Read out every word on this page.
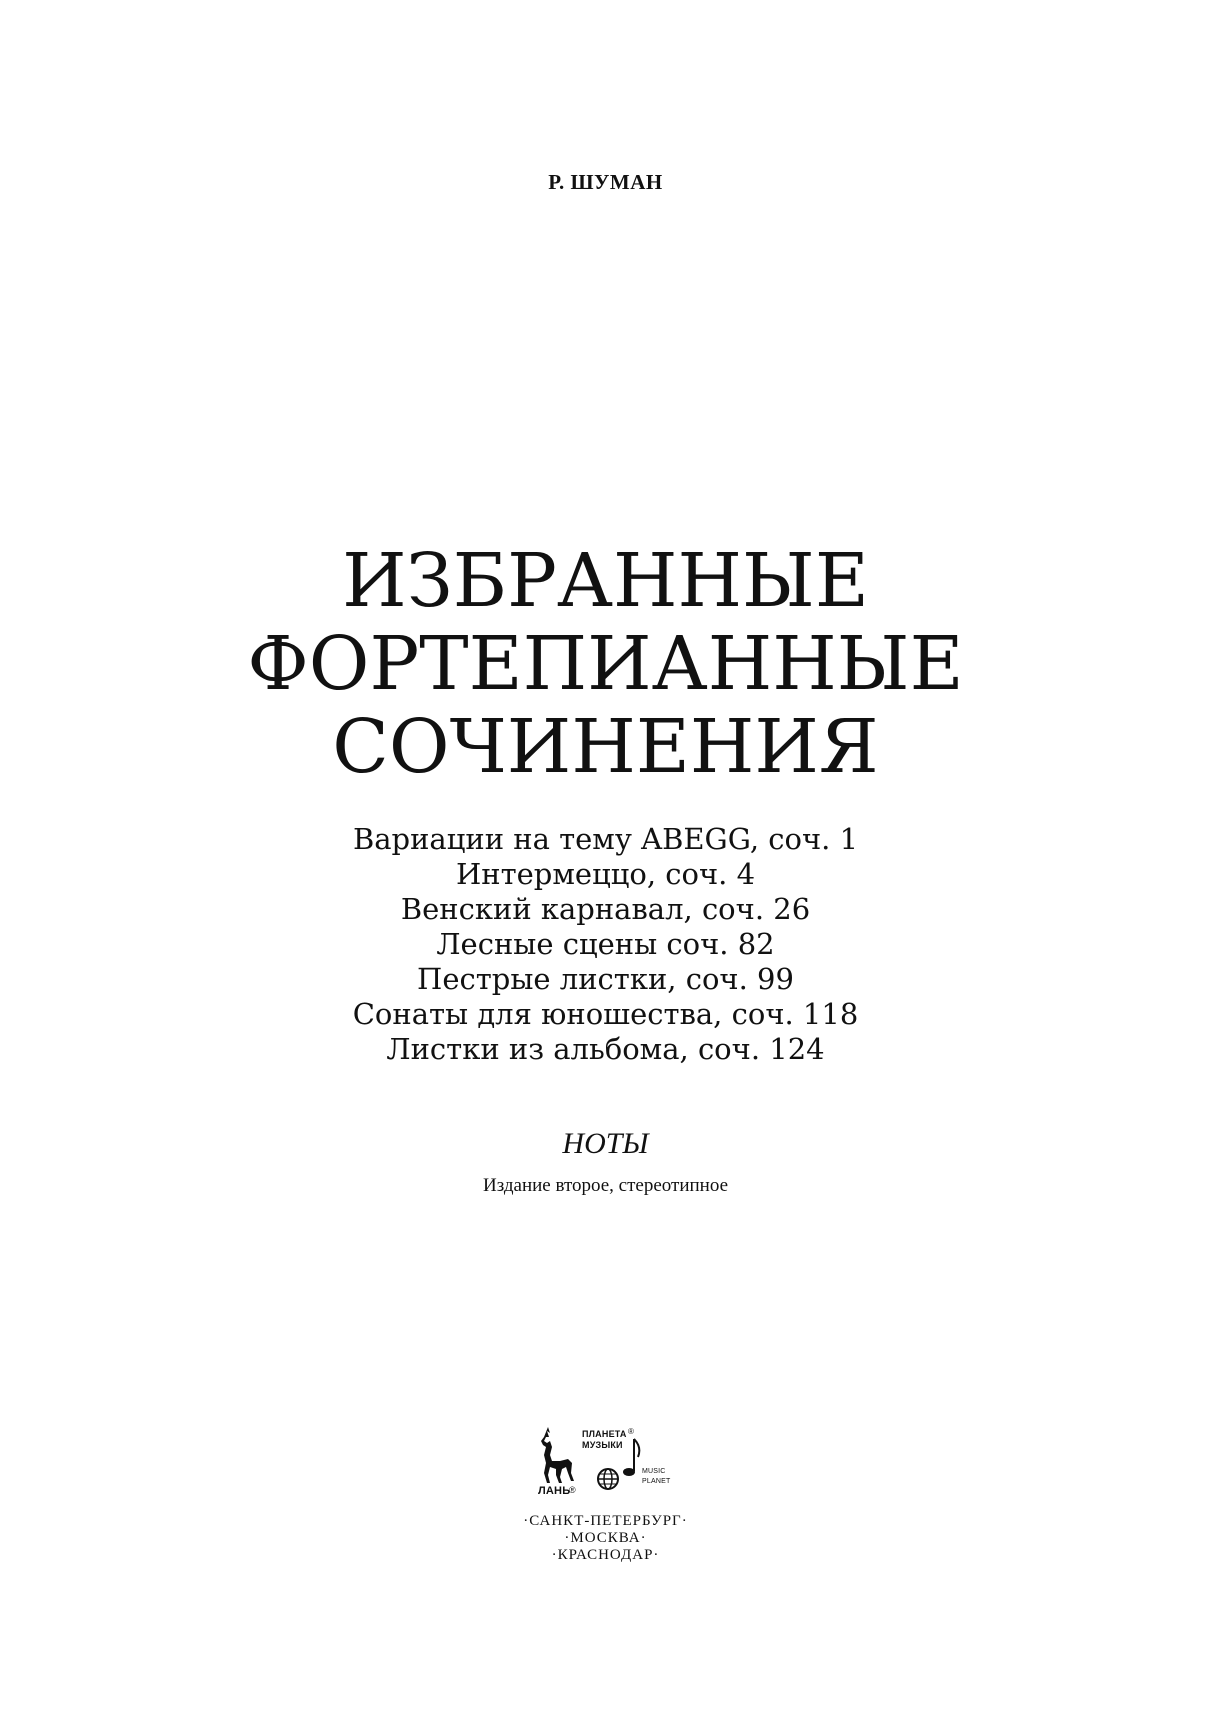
Р. ШУМАН
ИЗБРАННЫЕ
ФОРТЕПИАННЫЕ
СОЧИНЕНИЯ
Вариации на тему ABEGG, соч. 1
Интермеццо, соч. 4
Венский карнавал, соч. 26
Лесные сцены соч. 82
Пестрые листки, соч. 99
Сонаты для юношества, соч. 118
Листки из альбома, соч. 124
НОТЫ
Издание второе, стереотипное
ЛАНЬ
®
ПЛАНЕТА
МУЗЫКИ
®
MUSIC
PLANET
·САНКТ-ПЕТЕРБУРГ·
·МОСКВА·
·КРАСНОДАР·
